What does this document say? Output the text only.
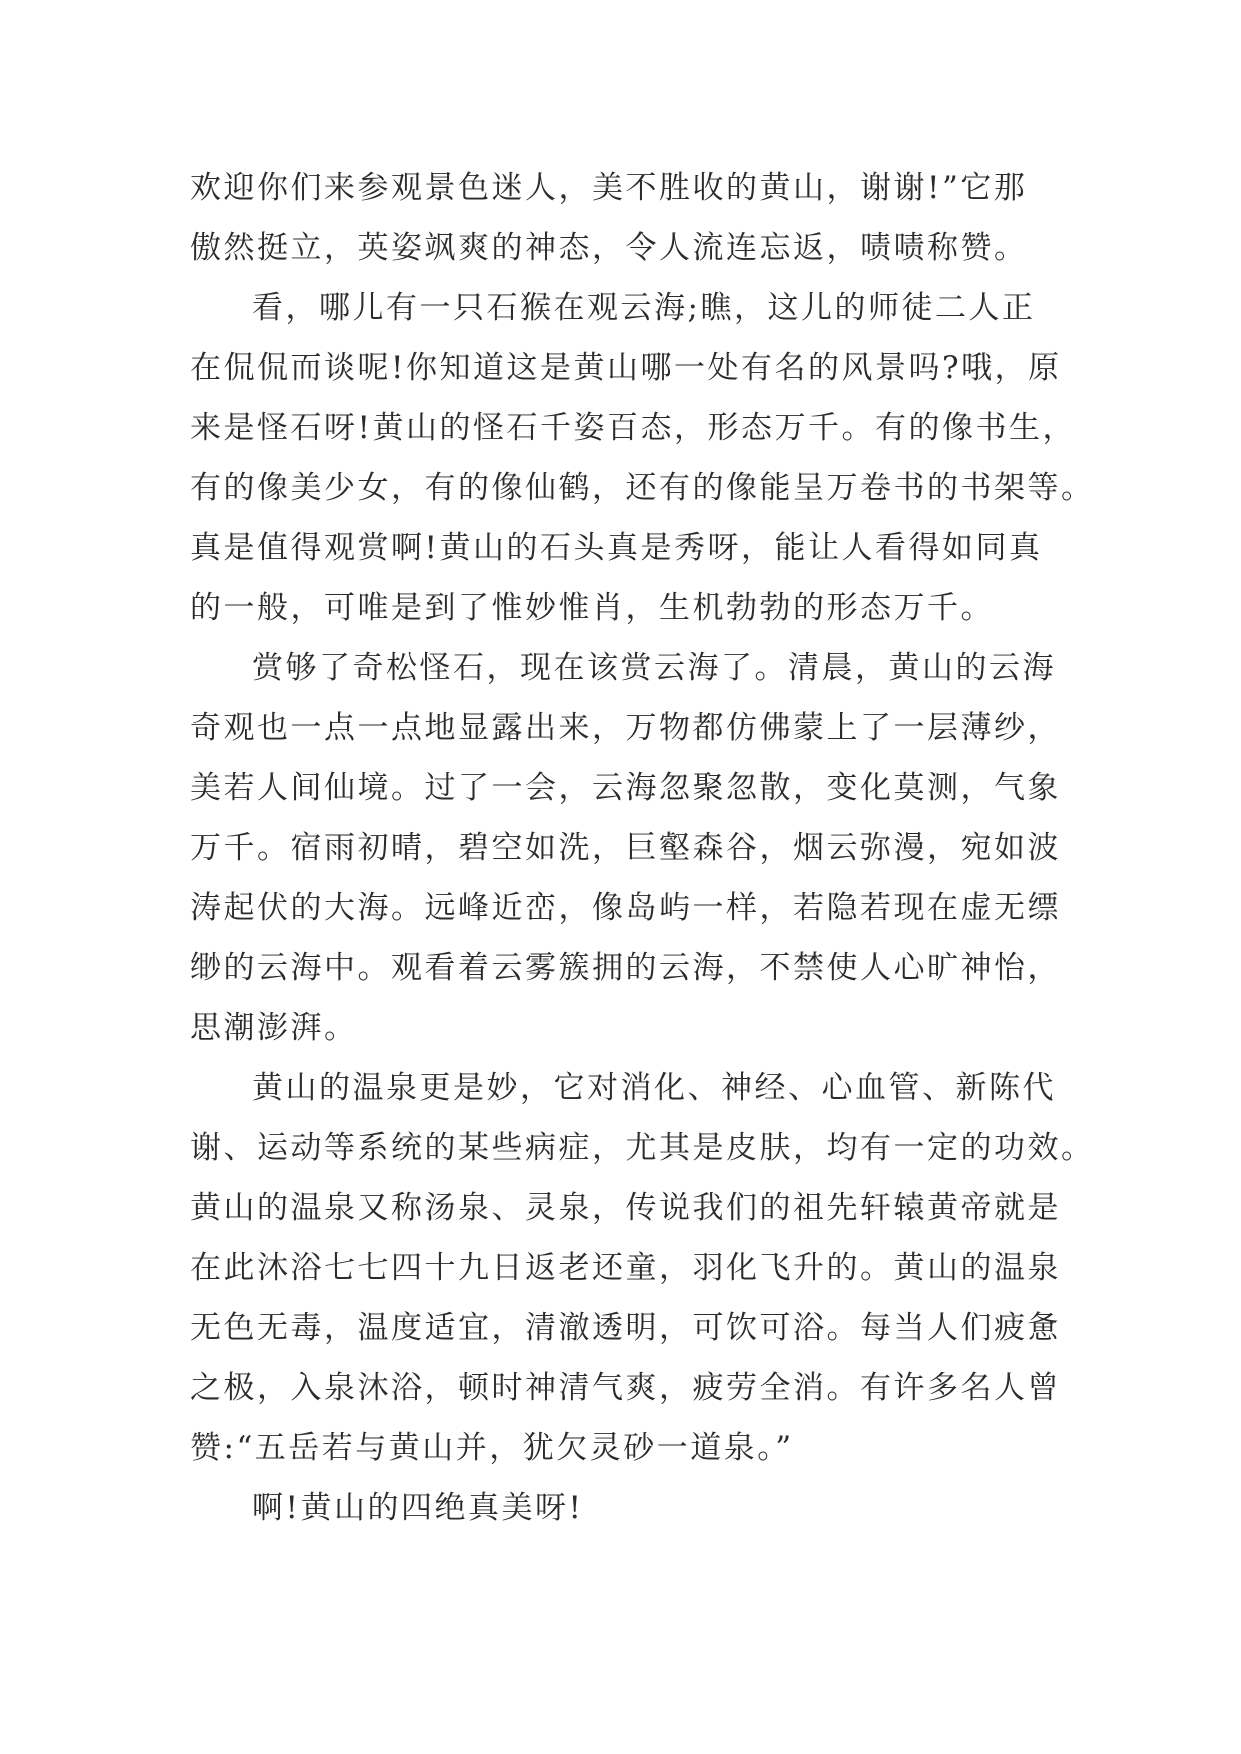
欢迎你们来参观景色迷人，美不胜收的黄山，谢谢!”它那
傲然挺立，英姿飒爽的神态，令人流连忘返，啧啧称赞。
看，哪儿有一只石猴在观云海;瞧，这儿的师徒二人正
在侃侃而谈呢!你知道这是黄山哪一处有名的风景吗?哦，原
来是怪石呀!黄山的怪石千姿百态，形态万千。有的像书生，
有的像美少女，有的像仙鹤，还有的像能呈万卷书的书架等。
真是值得观赏啊!黄山的石头真是秀呀，能让人看得如同真
的一般，可唯是到了惟妙惟肖，生机勃勃的形态万千。
赏够了奇松怪石，现在该赏云海了。清晨，黄山的云海
奇观也一点一点地显露出来，万物都仿佛蒙上了一层薄纱，
美若人间仙境。过了一会，云海忽聚忽散，变化莫测，气象
万千。宿雨初晴，碧空如洗，巨壑森谷，烟云弥漫，宛如波
涛起伏的大海。远峰近峦，像岛屿一样，若隐若现在虚无缥
缈的云海中。观看着云雾簇拥的云海，不禁使人心旷神怡，
思潮澎湃。
黄山的温泉更是妙，它对消化、神经、心血管、新陈代
谢、运动等系统的某些病症，尤其是皮肤，均有一定的功效。
黄山的温泉又称汤泉、灵泉，传说我们的祖先轩辕黄帝就是
在此沐浴七七四十九日返老还童，羽化飞升的。黄山的温泉
无色无毒，温度适宜，清澈透明，可饮可浴。每当人们疲惫
之极，入泉沐浴，顿时神清气爽，疲劳全消。有许多名人曾
赞:“五岳若与黄山并，犹欠灵砂一道泉。”
啊!黄山的四绝真美呀!
